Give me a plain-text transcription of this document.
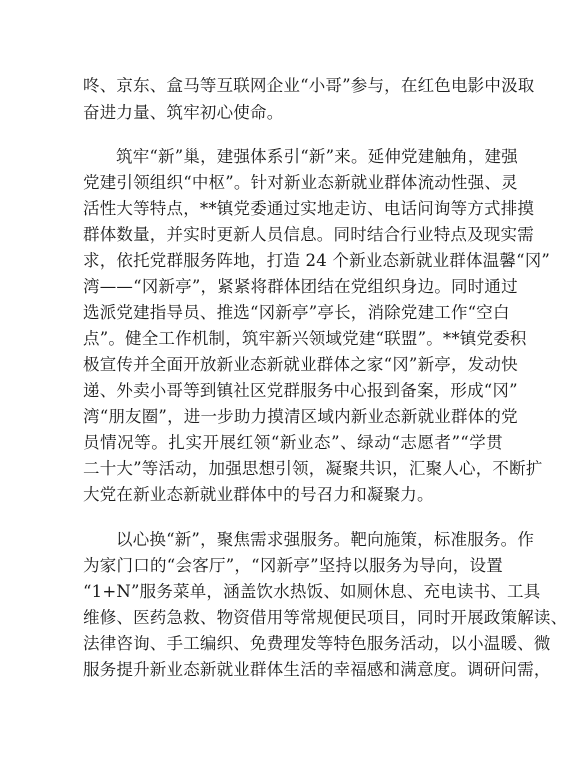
咚、京东、盒马等互联网企业“小哥”参与，在红色电影中汲取
奋进力量、筑牢初心使命。
筑牢“新”巢，建强体系引“新”来。延伸党建触角，建强
党建引领组织“中枢”。针对新业态新就业群体流动性强、灵
活性大等特点，**镇党委通过实地走访、电话问询等方式排摸
群体数量，并实时更新人员信息。同时结合行业特点及现实需
求，依托党群服务阵地，打造 24 个新业态新就业群体温馨“冈”
湾——“冈新亭”，紧紧将群体团结在党组织身边。同时通过
选派党建指导员、推选“冈新亭”亭长，消除党建工作“空白
点”。健全工作机制，筑牢新兴领域党建“联盟”。**镇党委积
极宣传并全面开放新业态新就业群体之家“冈”新亭，发动快
递、外卖小哥等到镇社区党群服务中心报到备案，形成“冈”
湾“朋友圈”，进一步助力摸清区域内新业态新就业群体的党
员情况等。扎实开展红领“新业态”、绿动“志愿者”“学贯
二十大”等活动，加强思想引领，凝聚共识，汇聚人心，不断扩
大党在新业态新就业群体中的号召力和凝聚力。
以心换“新”，聚焦需求强服务。靶向施策，标准服务。作
为家门口的“会客厅”，“冈新亭”坚持以服务为导向，设置
“1+N”服务菜单，涵盖饮水热饭、如厕休息、充电读书、工具
维修、医药急救、物资借用等常规便民项目，同时开展政策解读、
法律咨询、手工编织、免费理发等特色服务活动，以小温暖、微
服务提升新业态新就业群体生活的幸福感和满意度。调研问需，
